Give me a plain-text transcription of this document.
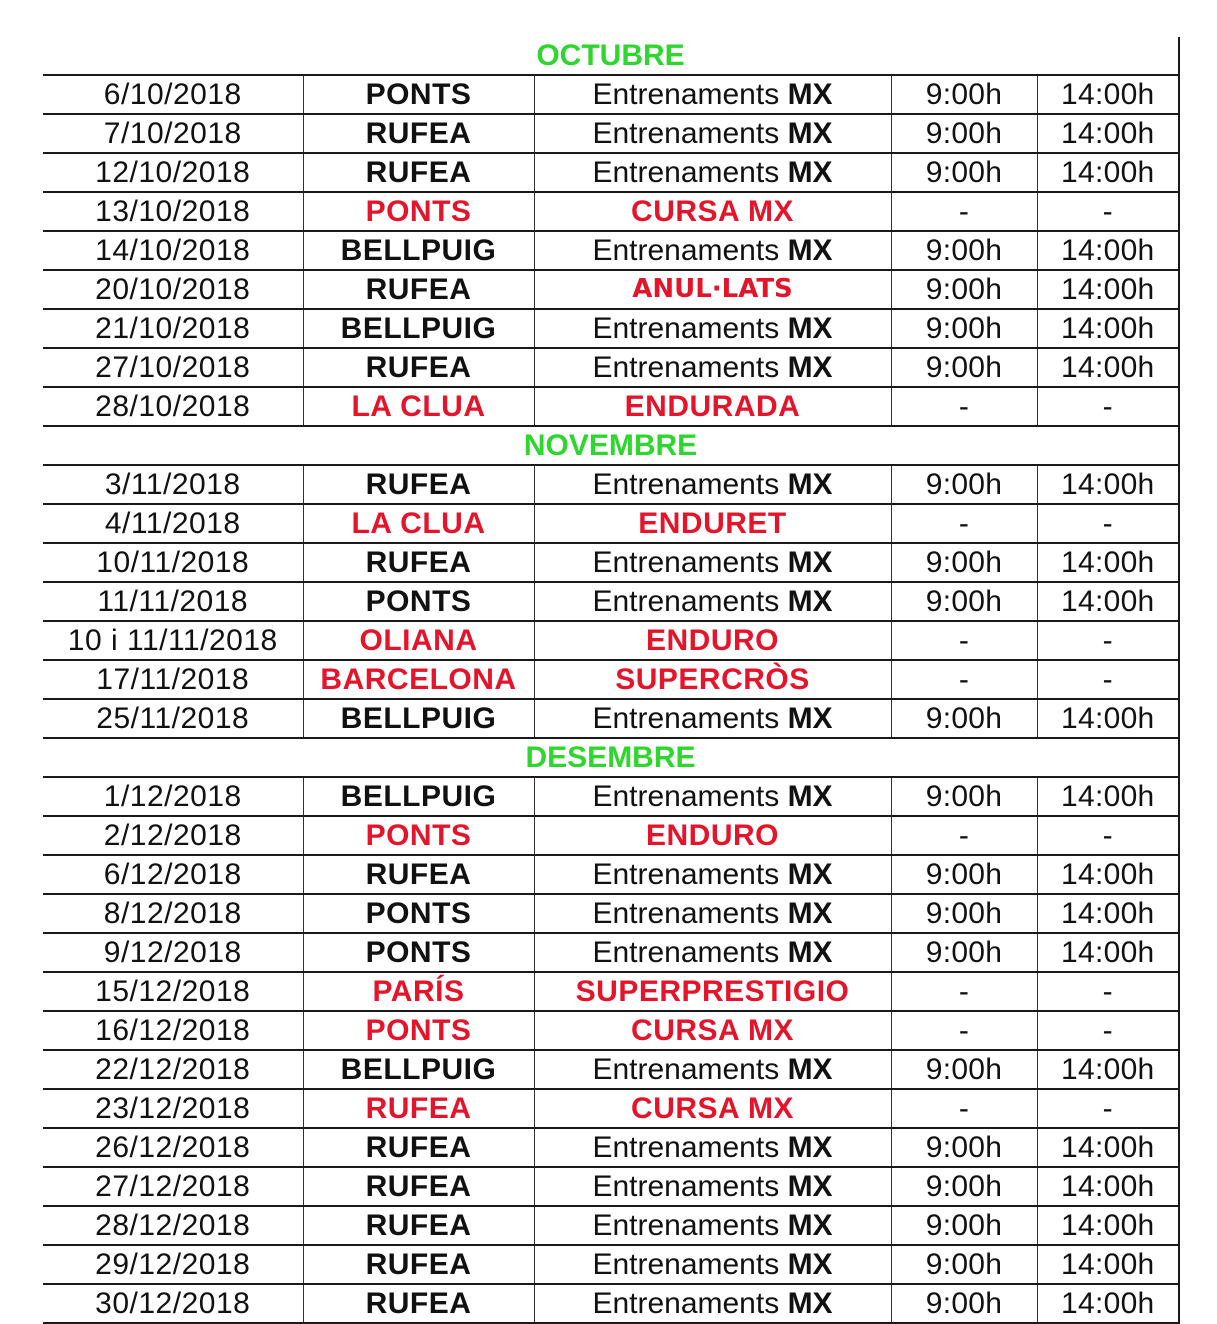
OCTUBRE				
6/10/2018	PONTS	Entrenaments MX	9:00h	14:00h
7/10/2018	RUFEA	Entrenaments MX	9:00h	14:00h
12/10/2018	RUFEA	Entrenaments MX	9:00h	14:00h
13/10/2018	PONTS	CURSA MX	-	-
14/10/2018	BELLPUIG	Entrenaments MX	9:00h	14:00h
20/10/2018	RUFEA	ANUL·LATS	9:00h	14:00h
21/10/2018	BELLPUIG	Entrenaments MX	9:00h	14:00h
27/10/2018	RUFEA	Entrenaments MX	9:00h	14:00h
28/10/2018	LA CLUA	ENDURADA	-	-
NOVEMBRE				
3/11/2018	RUFEA	Entrenaments MX	9:00h	14:00h
4/11/2018	LA CLUA	ENDURET	-	-
10/11/2018	RUFEA	Entrenaments MX	9:00h	14:00h
11/11/2018	PONTS	Entrenaments MX	9:00h	14:00h
10 i 11/11/2018	OLIANA	ENDURO	-	-
17/11/2018	BARCELONA	SUPERCRÒS	-	-
25/11/2018	BELLPUIG	Entrenaments MX	9:00h	14:00h
DESEMBRE				
1/12/2018	BELLPUIG	Entrenaments MX	9:00h	14:00h
2/12/2018	PONTS	ENDURO	-	-
6/12/2018	RUFEA	Entrenaments MX	9:00h	14:00h
8/12/2018	PONTS	Entrenaments MX	9:00h	14:00h
9/12/2018	PONTS	Entrenaments MX	9:00h	14:00h
15/12/2018	PARÍS	SUPERPRESTIGIO	-	-
16/12/2018	PONTS	CURSA MX	-	-
22/12/2018	BELLPUIG	Entrenaments MX	9:00h	14:00h
23/12/2018	RUFEA	CURSA MX	-	-
26/12/2018	RUFEA	Entrenaments MX	9:00h	14:00h
27/12/2018	RUFEA	Entrenaments MX	9:00h	14:00h
28/12/2018	RUFEA	Entrenaments MX	9:00h	14:00h
29/12/2018	RUFEA	Entrenaments MX	9:00h	14:00h
30/12/2018	RUFEA	Entrenaments MX	9:00h	14:00h
